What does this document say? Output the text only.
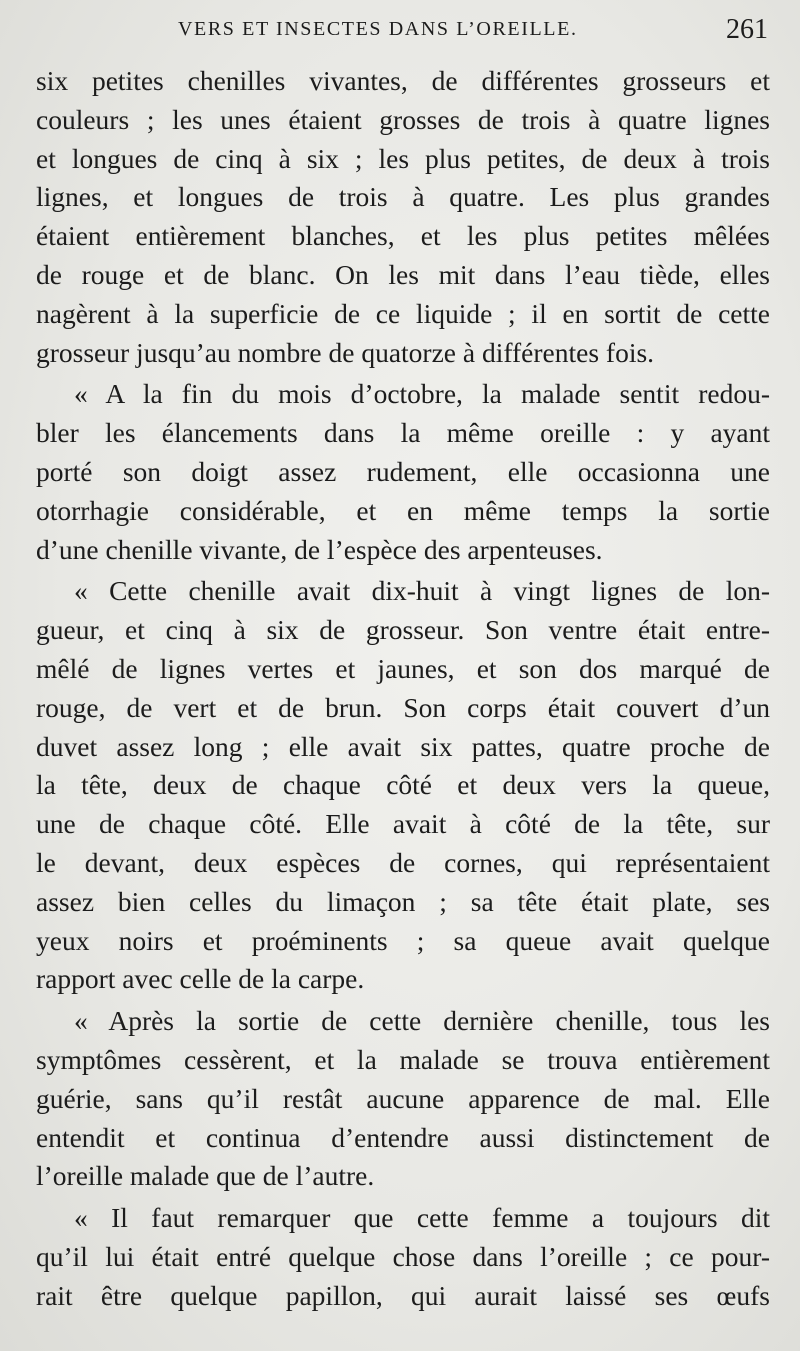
VERS ET INSECTES DANS L’OREILLE.	261
six petites chenilles vivantes, de différentes grosseurs et
couleurs ; les unes étaient grosses de trois à quatre lignes
et longues de cinq à six ; les plus petites, de deux à trois
lignes, et longues de trois à quatre. Les plus grandes
étaient entièrement blanches, et les plus petites mêlées
de rouge et de blanc. On les mit dans l’eau tiède, elles
nagèrent à la superficie de ce liquide ; il en sortit de cette
grosseur jusqu’au nombre de quatorze à différentes fois.
« A la fin du mois d’octobre, la malade sentit redou-
bler les élancements dans la même oreille : y ayant
porté son doigt assez rudement, elle occasionna une
otorrhagie considérable, et en même temps la sortie
d’une chenille vivante, de l’espèce des arpenteuses.
« Cette chenille avait dix-huit à vingt lignes de lon-
gueur, et cinq à six de grosseur. Son ventre était entre-
mêlé de lignes vertes et jaunes, et son dos marqué de
rouge, de vert et de brun. Son corps était couvert d’un
duvet assez long ; elle avait six pattes, quatre proche de
la tête, deux de chaque côté et deux vers la queue,
une de chaque côté. Elle avait à côté de la tête, sur
le devant, deux espèces de cornes, qui représentaient
assez bien celles du limaçon ; sa tête était plate, ses
yeux noirs et proéminents ; sa queue avait quelque
rapport avec celle de la carpe.
« Après la sortie de cette dernière chenille, tous les
symptômes cessèrent, et la malade se trouva entièrement
guérie, sans qu’il restât aucune apparence de mal. Elle
entendit et continua d’entendre aussi distinctement de
l’oreille malade que de l’autre.
« Il faut remarquer que cette femme a toujours dit
qu’il lui était entré quelque chose dans l’oreille ; ce pour-
rait être quelque papillon, qui aurait laissé ses œufs
